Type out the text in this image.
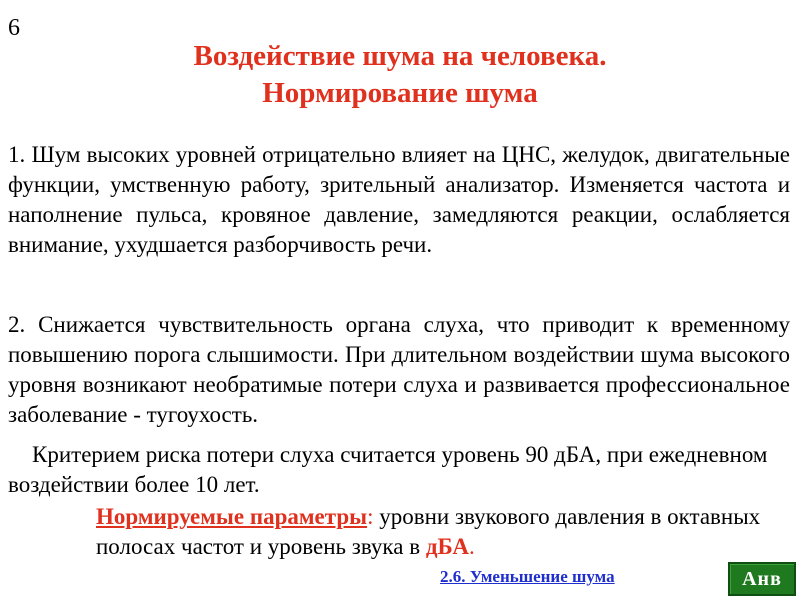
6
Воздействие шума на человека.
Нормирование шума
1. Шум высоких уровней отрицательно влияет на ЦНС, желудок, двигательные функции, умственную работу, зрительный анализатор. Изменяется частота и наполнение пульса, кровяное давление, замедляются реакции, ослабляется внимание, ухудшается разборчивость речи.
2. Снижается чувствительность органа слуха, что приводит к временному повышению порога слышимости. При длительном воздействии шума высокого уровня возникают необратимые потери слуха и развивается профессиональное заболевание - тугоухость.
Критерием риска потери слуха считается уровень 90 дБА, при ежедневном воздействии более 10 лет.
Нормируемые параметры: уровни звукового давления в октавных полосах частот и уровень звука в дБА.
2.6. Уменьшение шума	Анв
